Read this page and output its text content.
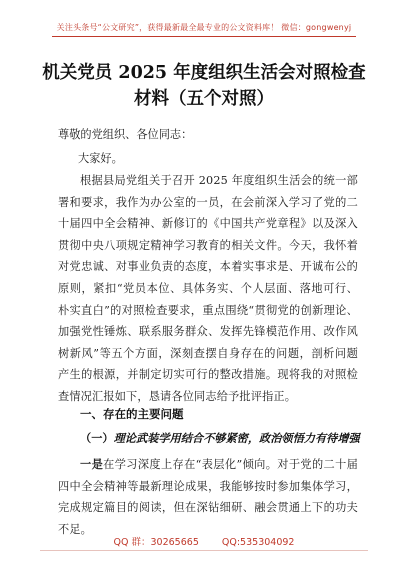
关注头条号“公文研究”，获得最新最全最专业的公文资料库！ 微信：gongwenyj
机关党员 2025 年度组织生活会对照检查
材料（五个对照）
尊敬的党组织、各位同志：
大家好。
根据县局党组关于召开 2025 年度组织生活会的统一部署和要求，我作为办公室的一员，在会前深入学习了党的二十届四中全会精神、新修订的《中国共产党章程》以及深入贯彻中央八项规定精神学习教育的相关文件。今天，我怀着对党忠诚、对事业负责的态度，本着实事求是、开诚布公的原则，紧扣“党员本位、具体务实、个人层面、落地可行、朴实直白”的对照检查要求，重点围绕“贯彻党的创新理论、加强党性锤炼、联系服务群众、发挥先锋模范作用、改作风树新风”等五个方面，深刻查摆自身存在的问题，剖析问题产生的根源，并制定切实可行的整改措施。现将我的对照检查情况汇报如下，恳请各位同志给予批评指正。
一、存在的主要问题
（一）理论武装学用结合不够紧密，政治领悟力有待增强
一是在学习深度上存在“表层化”倾向。对于党的二十届四中全会精神等最新理论成果，我能够按时参加集体学习，完成规定篇目的阅读，但在深钻细研、融会贯通上下的功夫不足。
QQ 群：30265665 QQ:535304092
